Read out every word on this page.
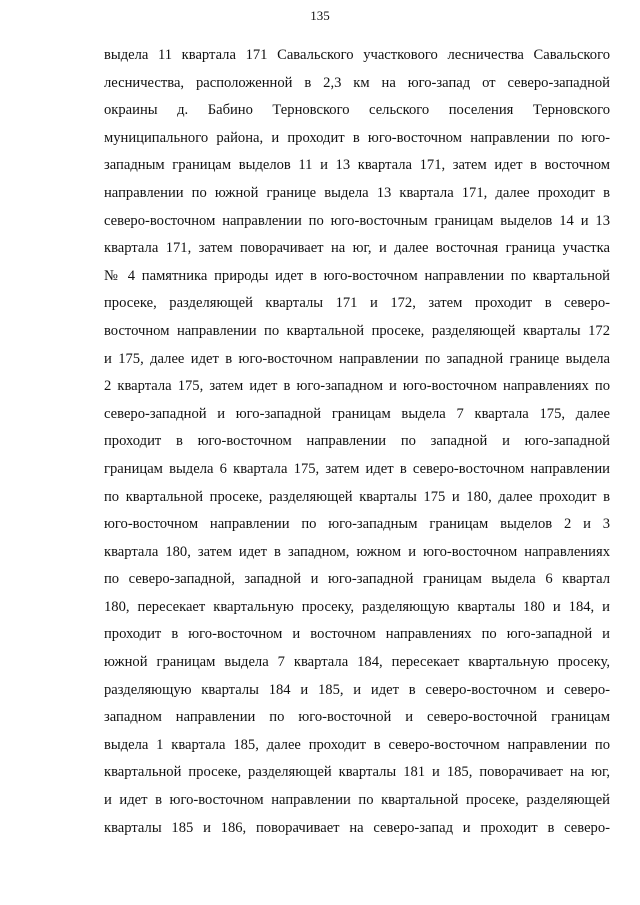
135
выдела 11 квартала 171 Савальского участкового лесничества Савальского
лесничества, расположенной в 2,3 км на юго-запад от северо-западной
окраины д. Бабино Терновского сельского поселения Терновского
муниципального района, и проходит в юго-восточном направлении по юго-
западным границам выделов 11 и 13 квартала 171, затем идет в восточном
направлении по южной границе выдела 13 квартала 171, далее проходит в
северо-восточном направлении по юго-восточным границам выделов 14 и 13
квартала 171, затем поворачивает на юг, и далее восточная граница участка
№ 4 памятника природы идет в юго-восточном направлении по квартальной
просеке, разделяющей кварталы 171 и 172, затем проходит в северо-
восточном направлении по квартальной просеке, разделяющей кварталы 172
и 175, далее идет в юго-восточном направлении по западной границе выдела
2 квартала 175, затем идет в юго-западном и юго-восточном направлениях по
северо-западной и юго-западной границам выдела 7 квартала 175, далее
проходит в юго-восточном направлении по западной и юго-западной
границам выдела 6 квартала 175, затем идет в северо-восточном направлении
по квартальной просеке, разделяющей кварталы 175 и 180, далее проходит в
юго-восточном направлении по юго-западным границам выделов 2 и 3
квартала 180, затем идет в западном, южном и юго-восточном направлениях
по северо-западной, западной и юго-западной границам выдела 6 квартал
180, пересекает квартальную просеку, разделяющую кварталы 180 и 184, и
проходит в юго-восточном и восточном направлениях по юго-западной и
южной границам выдела 7 квартала 184, пересекает квартальную просеку,
разделяющую кварталы 184 и 185, и идет в северо-восточном и северо-
западном направлении по юго-восточной и северо-восточной границам
выдела 1 квартала 185, далее проходит в северо-восточном направлении по
квартальной просеке, разделяющей кварталы 181 и 185, поворачивает на юг,
и идет в юго-восточном направлении по квартальной просеке, разделяющей
кварталы 185 и 186, поворачивает на северо-запад и проходит в северо-
